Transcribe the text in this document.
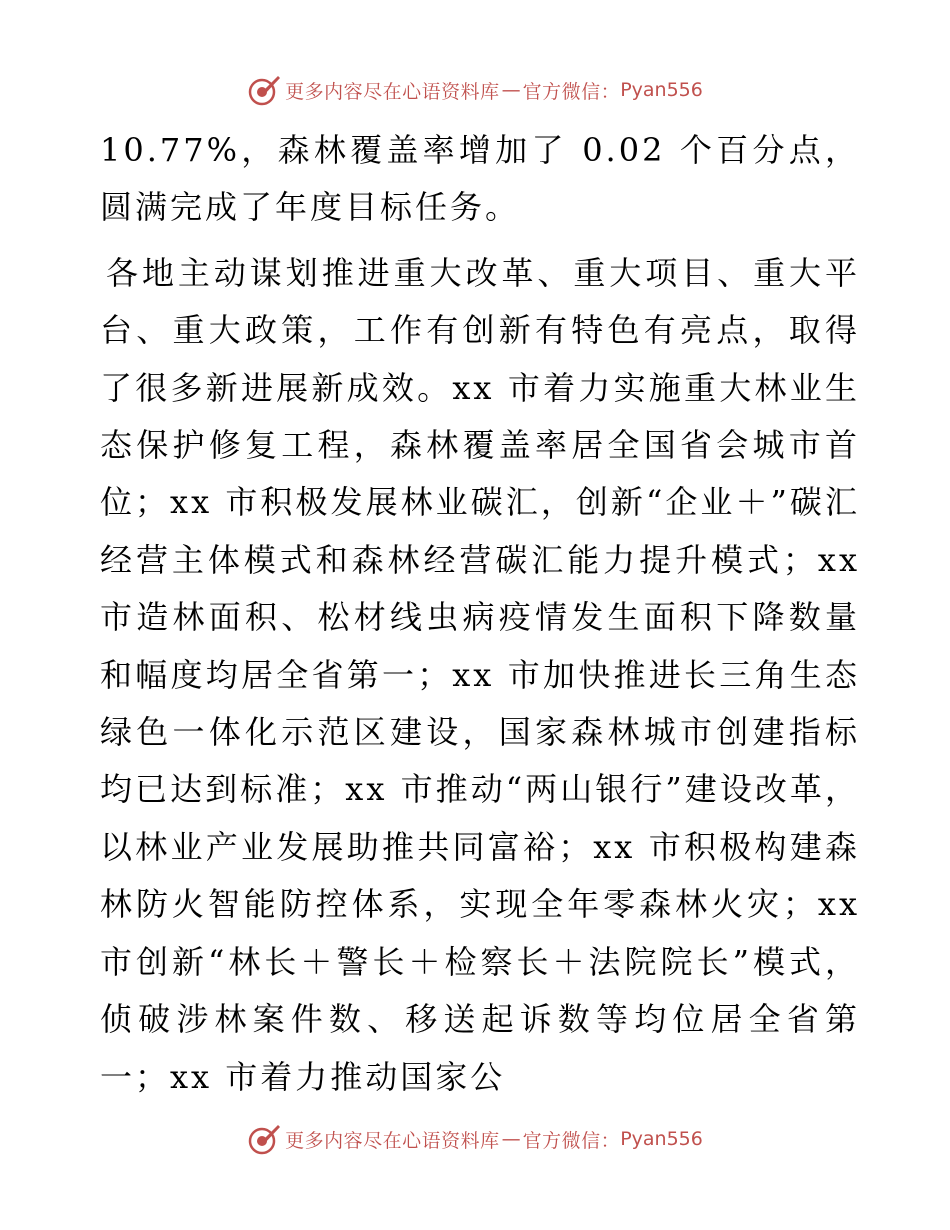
更多内容尽在心语资料库 — 官方微信： Pyan556

10.77%，森林覆盖率增加了 0.02 个百分点，圆满完成了年度目标任务。

各地主动谋划推进重大改革、重大项目、重大平台、重大政策，工作有创新有特色有亮点，取得了很多新进展新成效。xx 市着力实施重大林业生态保护修复工程，森林覆盖率居全国省会城市首位；xx 市积极发展林业碳汇，创新“企业＋”碳汇经营主体模式和森林经营碳汇能力提升模式；xx 市造林面积、松材线虫病疫情发生面积下降数量和幅度均居全省第一；xx 市加快推进长三角生态绿色一体化示范区建设，国家森林城市创建指标均已达到标准；xx 市推动“两山银行”建设改革，以林业产业发展助推共同富裕；xx 市积极构建森林防火智能防控体系，实现全年零森林火灾；xx 市创新“林长＋警长＋检察长＋法院院长”模式，侦破涉林案件数、移送起诉数等均位居全省第一；xx 市着力推动国家公

更多内容尽在心语资料库 — 官方微信： Pyan556
